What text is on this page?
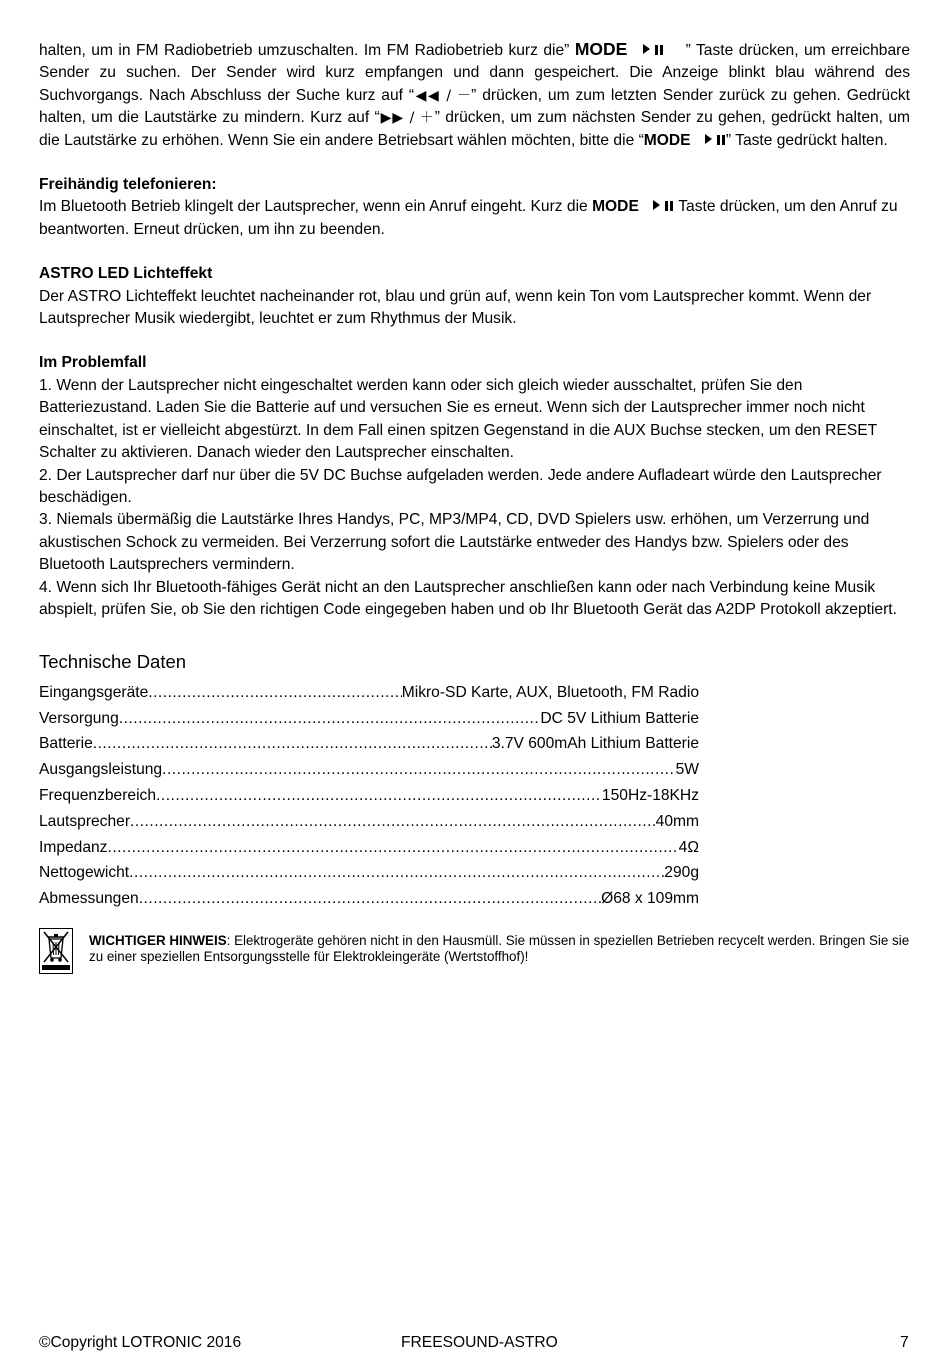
halten, um in FM Radiobetrieb umzuschalten. Im FM Radiobetrieb kurz die” MODE	” Taste drücken, um erreichbare Sender zu suchen. Der Sender wird kurz empfangen und dann gespeichert. Die Anzeige blinkt blau während des Suchvorgangs. Nach Abschluss der Suche kurz auf “◀◀ / －” drücken, um zum letzten Sender zurück zu gehen. Gedrückt halten, um die Lautstärke zu mindern. Kurz auf “▶▶ / ＋” drücken, um zum nächsten Sender zu gehen, gedrückt halten, um die Lautstärke zu erhöhen. Wenn Sie ein andere Betriebsart wählen möchten, bitte die “MODE ” Taste gedrückt halten.

Freihändig telefonieren:

Im Bluetooth Betrieb klingelt der Lautsprecher, wenn ein Anruf eingeht. Kurz die MODE	Taste drücken, um den Anruf zu beantworten. Erneut drücken, um ihn zu beenden.

ASTRO LED Lichteffekt

Der ASTRO Lichteffekt leuchtet nacheinander rot, blau und grün auf, wenn kein Ton vom Lautsprecher kommt. Wenn der Lautsprecher Musik wiedergibt, leuchtet er zum Rhythmus der Musik.

Im Problemfall

1. Wenn der Lautsprecher nicht eingeschaltet werden kann oder sich gleich wieder ausschaltet, prüfen Sie den Batteriezustand. Laden Sie die Batterie auf und versuchen Sie es erneut. Wenn sich der Lautsprecher immer noch nicht einschaltet, ist er vielleicht abgestürzt. In dem Fall einen spitzen Gegenstand in die AUX Buchse stecken, um den RESET Schalter zu aktivieren. Danach wieder den Lautsprecher einschalten.

2. Der Lautsprecher darf nur über die 5V DC Buchse aufgeladen werden. Jede andere Aufladeart würde den Lautsprecher beschädigen.

3. Niemals übermäßig die Lautstärke Ihres Handys, PC, MP3/MP4, CD, DVD Spielers usw. erhöhen, um Verzerrung und akustischen Schock zu vermeiden. Bei Verzerrung sofort die Lautstärke entweder des Handys bzw. Spielers oder des Bluetooth Lautsprechers vermindern.

4. Wenn sich Ihr Bluetooth-fähiges Gerät nicht an den Lautsprecher anschließen kann oder nach Verbindung keine Musik abspielt, prüfen Sie, ob Sie den richtigen Code eingegeben haben und ob Ihr Bluetooth Gerät das A2DP Protokoll akzeptiert.

Technische Daten

Eingangsgeräte .....	Mikro-SD Karte, AUX, Bluetooth, FM Radio
Versorgung .....	DC 5V Lithium Batterie
Batterie .....	3.7V 600mAh Lithium Batterie
Ausgangsleistung .....	5W
Frequenzbereich .....	150Hz-18KHz
Lautsprecher .....	40mm
Impedanz .....	4Ω
Nettogewicht .....	290g
Abmessungen .....	Ø68 x 109mm
WICHTIGER HINWEIS: Elektrogeräte gehören nicht in den Hausmüll. Sie müssen in speziellen Betrieben recycelt werden. Bringen Sie sie zu einer speziellen Entsorgungsstelle für Elektrokleingeräte (Wertstoffhof)!
©Copyright LOTRONIC 2016	FREESOUND-ASTRO	7
